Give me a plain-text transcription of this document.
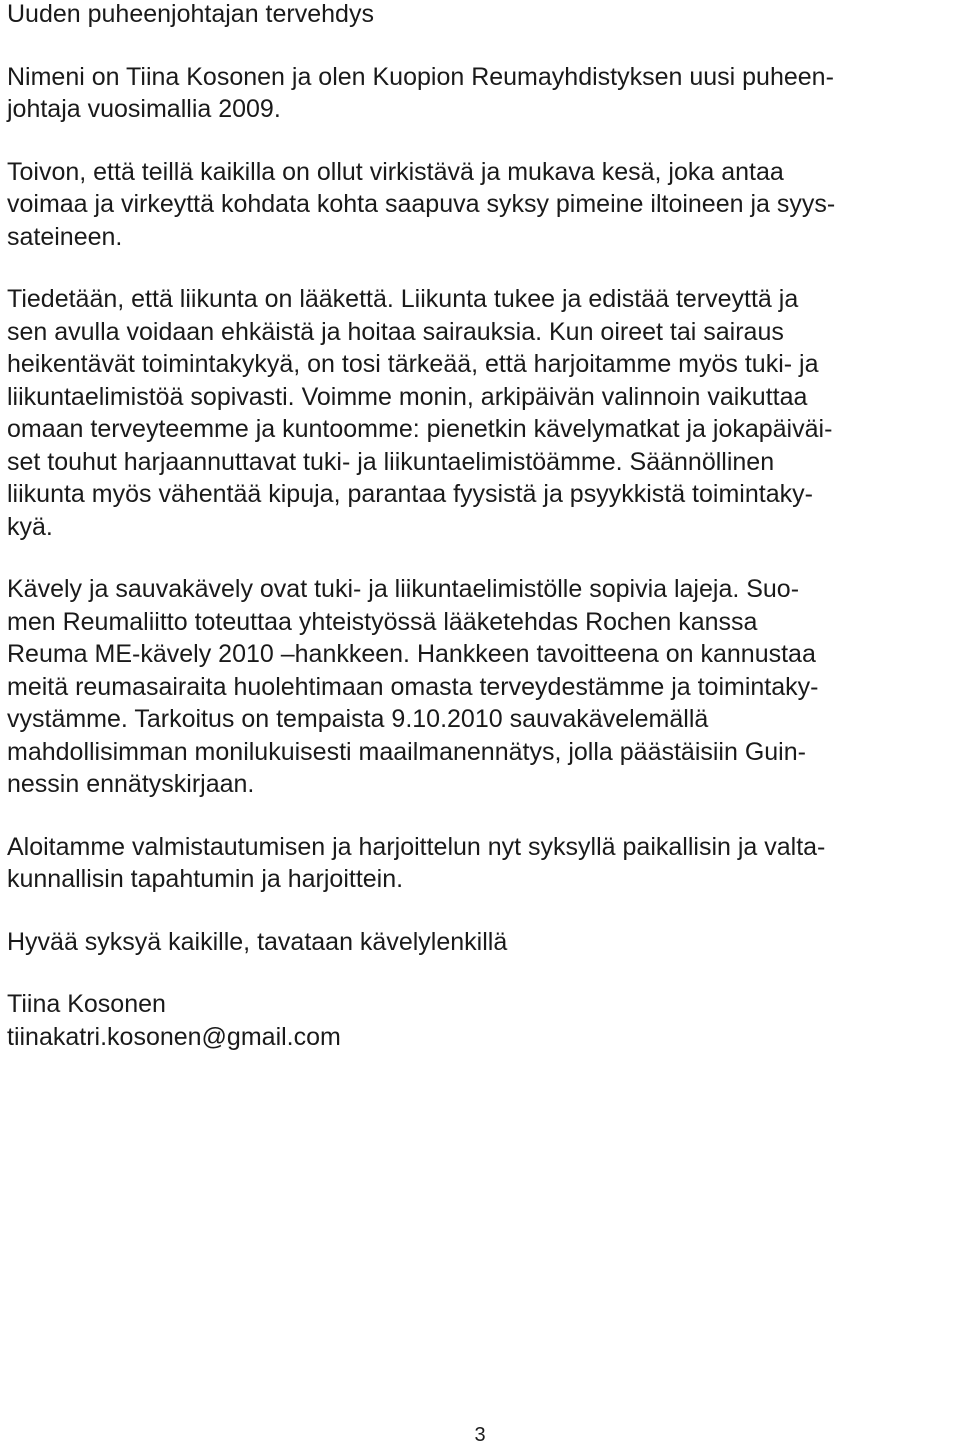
Uuden puheenjohtajan tervehdys
Nimeni on Tiina Kosonen ja olen Kuopion Reumayhdistyksen uusi puheen-
johtaja vuosimallia 2009.
Toivon, että teillä kaikilla on ollut virkistävä ja mukava kesä, joka antaa
voimaa ja virkeyttä kohdata kohta saapuva syksy pimeine iltoineen ja syys-
sateineen.
Tiedetään, että liikunta on lääkettä. Liikunta tukee ja edistää terveyttä ja
sen avulla voidaan ehkäistä ja hoitaa sairauksia. Kun oireet tai sairaus
heikentävät toimintakykyä, on tosi tärkeää, että harjoitamme myös tuki- ja
liikuntaelimistöä sopivasti. Voimme monin, arkipäivän valinnoin vaikuttaa
omaan terveyteemme ja kuntoomme: pienetkin kävelymatkat ja jokapäiväi-
set touhut harjaannuttavat tuki- ja liikuntaelimistöämme. Säännöllinen
liikunta myös vähentää kipuja, parantaa fyysistä ja psyykkistä toimintaky-
kyä.
Kävely ja sauvakävely ovat tuki- ja liikuntaelimistölle sopivia lajeja. Suo-
men Reumaliitto toteuttaa yhteistyössä lääketehdas Rochen kanssa
Reuma ME-kävely 2010 –hankkeen. Hankkeen tavoitteena on kannustaa
meitä reumasairaita huolehtimaan omasta terveydestämme ja toimintaky-
vystämme. Tarkoitus on tempaista 9.10.2010 sauvakävelemällä
mahdollisimman monilukuisesti maailmanennätys, jolla päästäisiin Guin-
nessin ennätyskirjaan.
Aloitamme valmistautumisen ja harjoittelun nyt syksyllä paikallisin ja valta-
kunnallisin tapahtumin ja harjoittein.
Hyvää syksyä kaikille, tavataan kävelylenkillä
Tiina Kosonen
tiinakatri.kosonen@gmail.com
3
